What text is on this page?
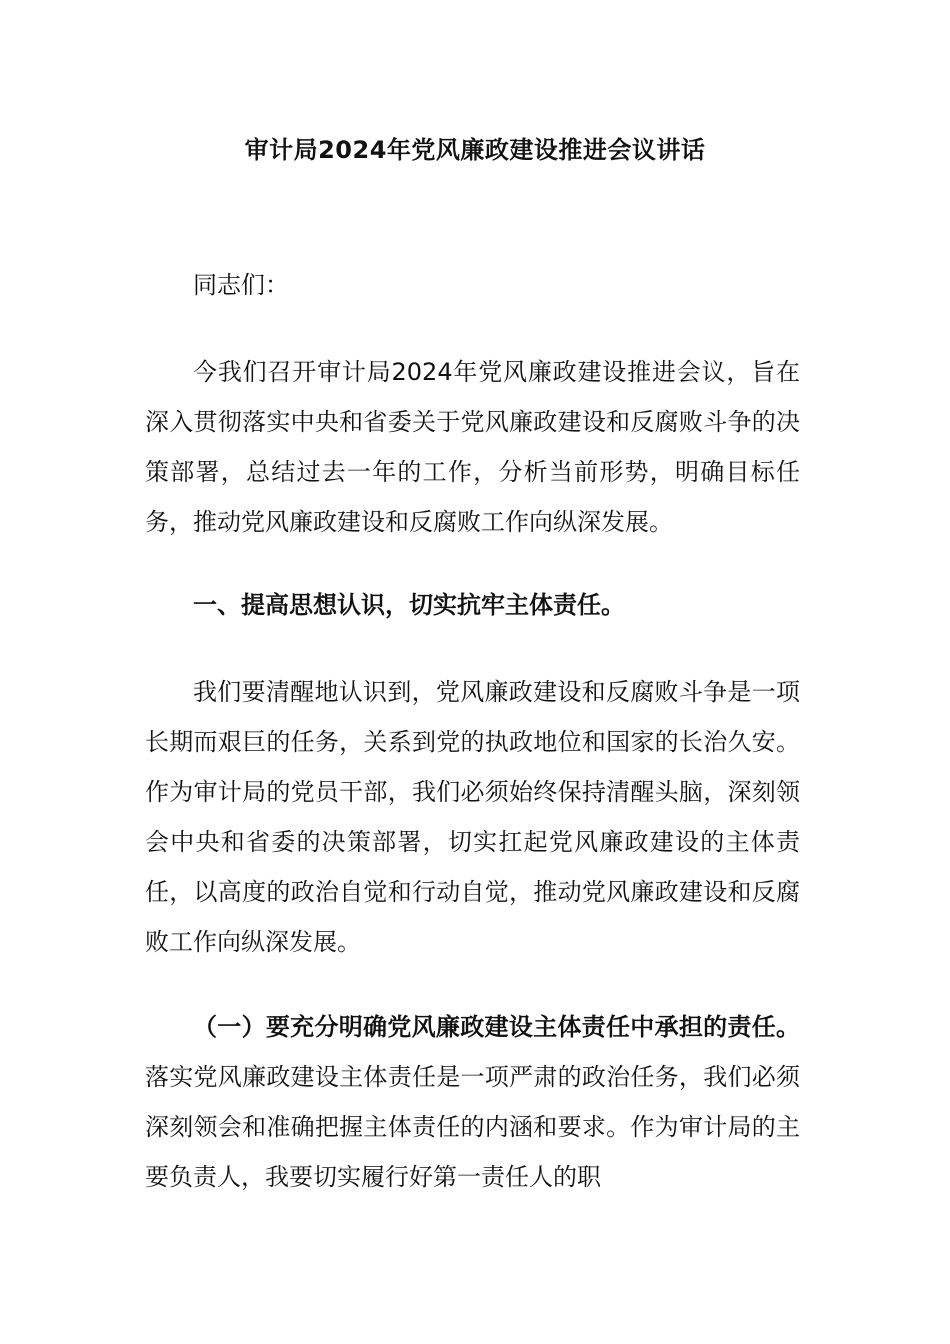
审计局2024年党风廉政建设推进会议讲话

同志们：

今我们召开审计局2024年党风廉政建设推进会议，旨在深入贯彻落实中央和省委关于党风廉政建设和反腐败斗争的决策部署，总结过去一年的工作，分析当前形势，明确目标任务，推动党风廉政建设和反腐败工作向纵深发展。

一、提高思想认识，切实抗牢主体责任。

我们要清醒地认识到，党风廉政建设和反腐败斗争是一项长期而艰巨的任务，关系到党的执政地位和国家的长治久安。作为审计局的党员干部，我们必须始终保持清醒头脑，深刻领会中央和省委的决策部署，切实扛起党风廉政建设的主体责任，以高度的政治自觉和行动自觉，推动党风廉政建设和反腐败工作向纵深发展。

（一）要充分明确党风廉政建设主体责任中承担的责任。落实党风廉政建设主体责任是一项严肃的政治任务，我们必须深刻领会和准确把握主体责任的内涵和要求。作为审计局的主要负责人，我要切实履行好第一责任人的职
